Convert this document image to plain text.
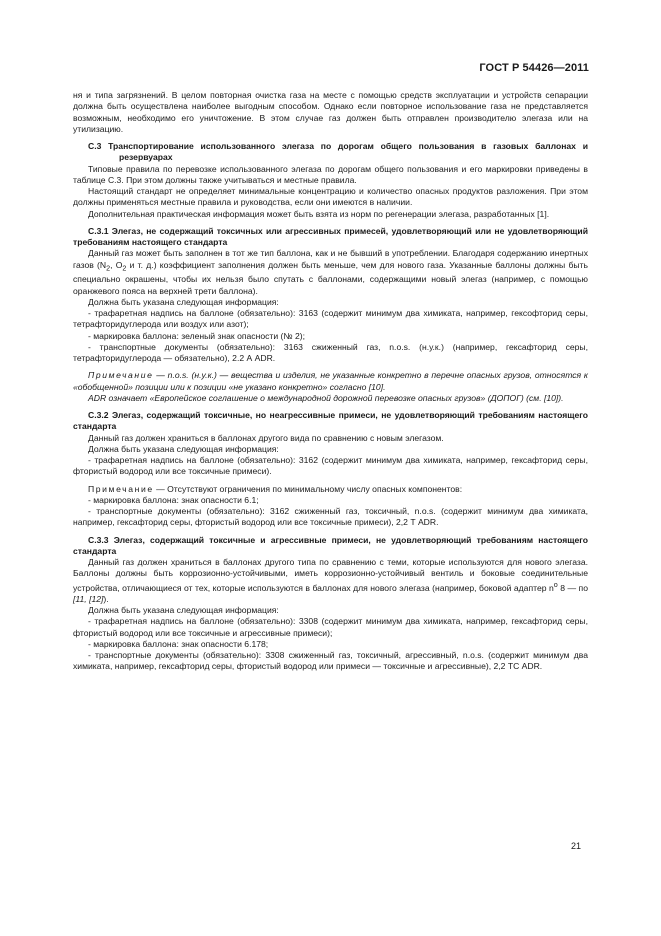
ГОСТ Р 54426—2011

ня и типа загрязнений. В целом повторная очистка газа на месте с помощью средств эксплуатации и устройств сепарации должна быть осуществлена наиболее выгодным способом. Однако если повторное использование газа не представляется возможным, необходимо его уничтожение. В этом случае газ должен быть отправлен производителю элегаза или на утилизацию.

С.3 Транспортирование использованного элегаза по дорогам общего пользования в газовых баллонах и резервуарах

Типовые правила по перевозке использованного элегаза по дорогам общего пользования и его маркировки приведены в таблице С.3. При этом должны также учитываться и местные правила.

Настоящий стандарт не определяет минимальные концентрацию и количество опасных продуктов разложения. При этом должны применяться местные правила и руководства, если они имеются в наличии.

Дополнительная практическая информация может быть взята из норм по регенерации элегаза, разработанных [1].

С.3.1 Элегаз, не содержащий токсичных или агрессивных примесей, удовлетворяющий или не удовлетворяющий требованиям настоящего стандарта

Данный газ может быть заполнен в тот же тип баллона, как и не бывший в употреблении. Благодаря содержанию инертных газов ($N_2$, $O_2$ и т. д.) коэффициент заполнения должен быть меньше, чем для нового газа. Указанные баллоны должны быть специально окрашены, чтобы их нельзя было спутать с баллонами, содержащими новый элегаз (например, с помощью оранжевого пояса на верхней трети баллона).

Должна быть указана следующая информация:

- трафаретная надпись на баллоне (обязательно): 3163 (содержит минимум два химиката, например, гексофторид серы, тетрафторидуглерода или воздух или азот);

- маркировка баллона: зеленый знак опасности (№ 2);

- транспортные документы (обязательно): 3163 сжиженный газ, n.o.s. (н.у.к.) (например, гексафторид серы, тетрафторидуглерода — обязательно), 2.2 А ADR.

Примечание — n.o.s. (н.у.к.) — вещества и изделия, не указанные конкретно в перечне опасных грузов, относятся к «обобщенной» позиции или к позиции «не указано конкретно» согласно [10].

ADR означает «Европейское соглашение о международной дорожной перевозке опасных грузов» (ДОПОГ) (см. [10]).

С.3.2 Элегаз, содержащий токсичные, но неагрессивные примеси, не удовлетворяющий требованиям настоящего стандарта

Данный газ должен храниться в баллонах другого вида по сравнению с новым элегазом.

Должна быть указана следующая информация:

- трафаретная надпись на баллоне (обязательно): 3162 (содержит минимум два химиката, например, гексафторид серы, фтористый водород или все токсичные примеси).

Примечание — Отсутствуют ограничения по минимальному числу опасных компонентов:

- маркировка баллона: знак опасности 6.1;

- транспортные документы (обязательно): 3162 сжиженный газ, токсичный, n.o.s. (содержит минимум два химиката, например, гексафторид серы, фтористый водород или все токсичные примеси), 2,2 Т ADR.

С.3.3 Элегаз, содержащий токсичные и агрессивные примеси, не удовлетворяющий требованиям настоящего стандарта

Данный газ должен храниться в баллонах другого типа по сравнению с теми, которые используются для нового элегаза. Баллоны должны быть коррозионно-устойчивыми, иметь коррозионно-устойчивый вентиль и боковые соединительные устройства, отличающиеся от тех, которые используются в баллонах для нового элегаза (например, боковой адаптер $n^о$ 8 — по [11, [12]).

Должна быть указана следующая информация:

- трафаретная надпись на баллоне (обязательно): 3308 (содержит минимум два химиката, например, гексафторид серы, фтористый водород или все токсичные и агрессивные примеси);

- маркировка баллона: знак опасности 6.178;

- транспортные документы (обязательно): 3308 сжиженный газ, токсичный, агрессивный, n.o.s. (содержит минимум два химиката, например, гексафторид серы, фтористый водород или примеси — токсичные и агрессивные), 2,2 ТС ADR.

21
